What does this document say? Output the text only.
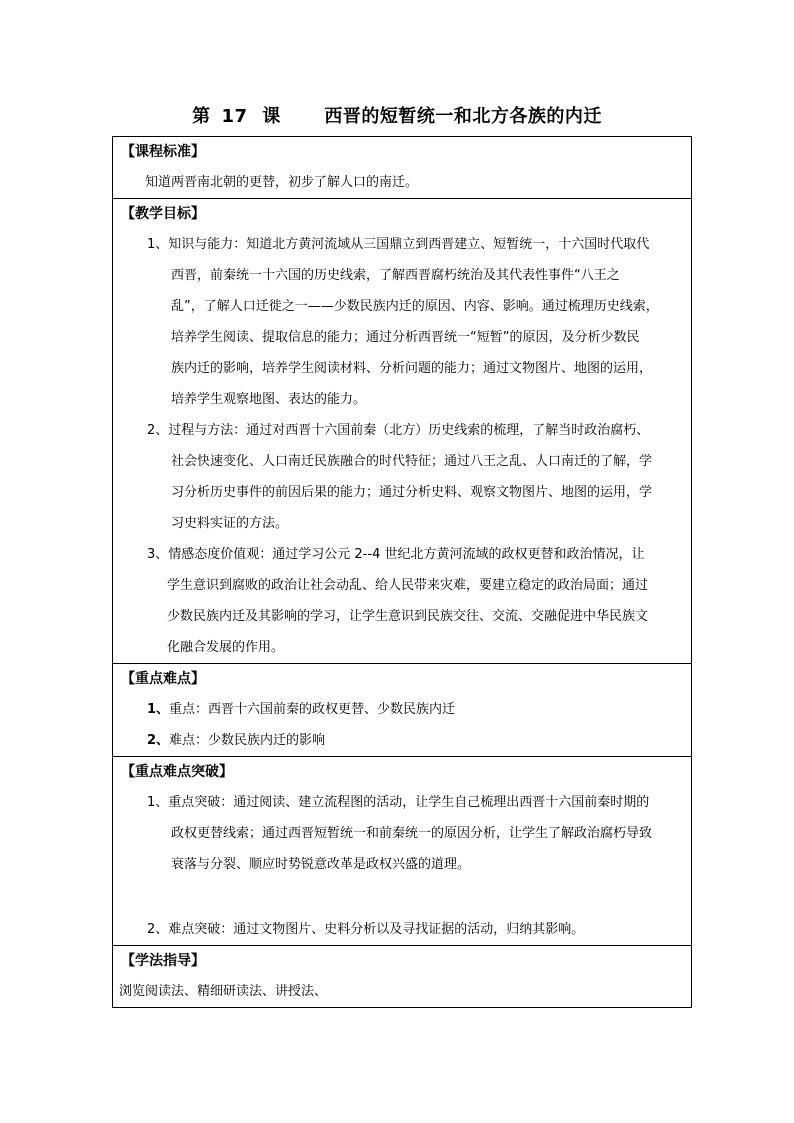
第 17 课 西晋的短暂统一和北方各族的内迁
【课程标准】
知道两晋南北朝的更替，初步了解人口的南迁。

【教学目标】
1、知识与能力：知道北方黄河流域从三国鼎立到西晋建立、短暂统一，十六国时代取代
西晋，前秦统一十六国的历史线索，了解西晋腐朽统治及其代表性事件“八王之
乱”，了解人口迁徙之一——少数民族内迁的原因、内容、影响。通过梳理历史线索，
培养学生阅读、提取信息的能力；通过分析西晋统一“短暂”的原因，及分析少数民
族内迁的影响，培养学生阅读材料、分析问题的能力；通过文物图片、地图的运用，
培养学生观察地图、表达的能力。
2、过程与方法：通过对西晋十六国前秦（北方）历史线索的梳理，了解当时政治腐朽、
社会快速变化、人口南迁民族融合的时代特征；通过八王之乱、人口南迁的了解，学
习分析历史事件的前因后果的能力；通过分析史料、观察文物图片、地图的运用，学
习史料实证的方法。
3、情感态度价值观：通过学习公元 2--4 世纪北方黄河流域的政权更替和政治情况，让
学生意识到腐败的政治让社会动乱、给人民带来灾难，要建立稳定的政治局面；通过
少数民族内迁及其影响的学习，让学生意识到民族交往、交流、交融促进中华民族文
化融合发展的作用。

【重点难点】
1、重点：西晋十六国前秦的政权更替、少数民族内迁
2、难点：少数民族内迁的影响

【重点难点突破】
1、重点突破：通过阅读、建立流程图的活动，让学生自己梳理出西晋十六国前秦时期的
政权更替线索；通过西晋短暂统一和前秦统一的原因分析，让学生了解政治腐朽导致
衰落与分裂、顺应时势锐意改革是政权兴盛的道理。
2、难点突破：通过文物图片、史料分析以及寻找证据的活动，归纳其影响。

【学法指导】
浏览阅读法、精细研读法、讲授法、
